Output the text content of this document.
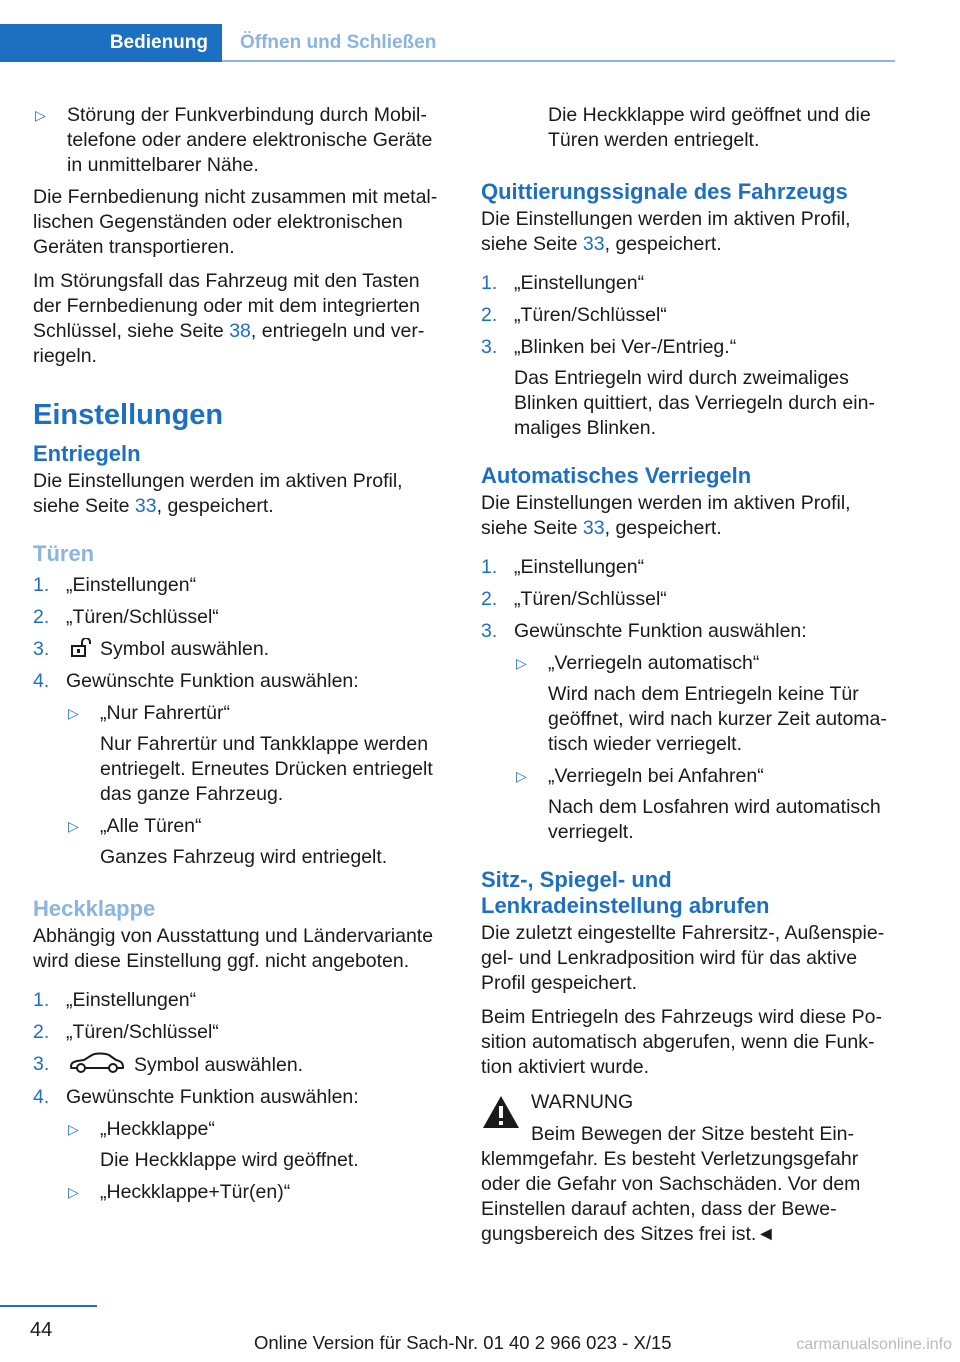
Bedienung	Öffnen und Schließen
▷	Störung der Funkverbindung durch Mobiltelefone oder andere elektronische Geräte in unmittelbarer Nähe.

Die Fernbedienung nicht zusammen mit metallischen Gegenständen oder elektronischen Geräten transportieren.

Im Störungsfall das Fahrzeug mit den Tasten der Fernbedienung oder mit dem integrierten Schlüssel, siehe Seite 38, entriegeln und verriegeln.

Einstellungen
Entriegeln

Die Einstellungen werden im aktiven Profil, siehe Seite 33, gespeichert.

Türen
1. „Einstellungen“
2. „Türen/Schlüssel“
3.	Symbol auswählen.
4. Gewünschte Funktion auswählen:
▷	„Nur Fahrertür“
Nur Fahrertür und Tankklappe werden entriegelt. Erneutes Drücken entriegelt das ganze Fahrzeug.
▷	„Alle Türen“
Ganzes Fahrzeug wird entriegelt.
Heckklappe

Abhängig von Ausstattung und Ländervariante wird diese Einstellung ggf. nicht angeboten.

1. „Einstellungen“
2. „Türen/Schlüssel“
3.	Symbol auswählen.
4. Gewünschte Funktion auswählen:
▷	„Heckklappe“
Die Heckklappe wird geöffnet.
▷	„Heckklappe+Tür(en)“

Die Heckklappe wird geöffnet und die Türen werden entriegelt.

Quittierungssignale des Fahrzeugs

Die Einstellungen werden im aktiven Profil, siehe Seite 33, gespeichert.

1. „Einstellungen“
2. „Türen/Schlüssel“
3. „Blinken bei Ver-/Entrieg.“
Das Entriegeln wird durch zweimaliges Blinken quittiert, das Verriegeln durch einmaliges Blinken.
Automatisches Verriegeln

Die Einstellungen werden im aktiven Profil, siehe Seite 33, gespeichert.

1. „Einstellungen“
2. „Türen/Schlüssel“
3. Gewünschte Funktion auswählen:
▷	„Verriegeln automatisch“
Wird nach dem Entriegeln keine Tür geöffnet, wird nach kurzer Zeit automatisch wieder verriegelt.
▷	„Verriegeln bei Anfahren“
Nach dem Losfahren wird automatisch verriegelt.
Sitz-, Spiegel- und
Lenkradeinstellung abrufen

Die zuletzt eingestellte Fahrersitz-, Außenspiegel- und Lenkradposition wird für das aktive Profil gespeichert.

Beim Entriegeln des Fahrzeugs wird diese Position automatisch abgerufen, wenn die Funktion aktiviert wurde.

WARNUNG
Beim Bewegen der Sitze besteht Einklemmgefahr. Es besteht Verletzungsgefahr oder die Gefahr von Sachschäden. Vor dem Einstellen darauf achten, dass der Bewegungsbereich des Sitzes frei ist.◄
44
Online Version für Sach-Nr. 01 40 2 966 023 - X/15	carmanualsonline.info
